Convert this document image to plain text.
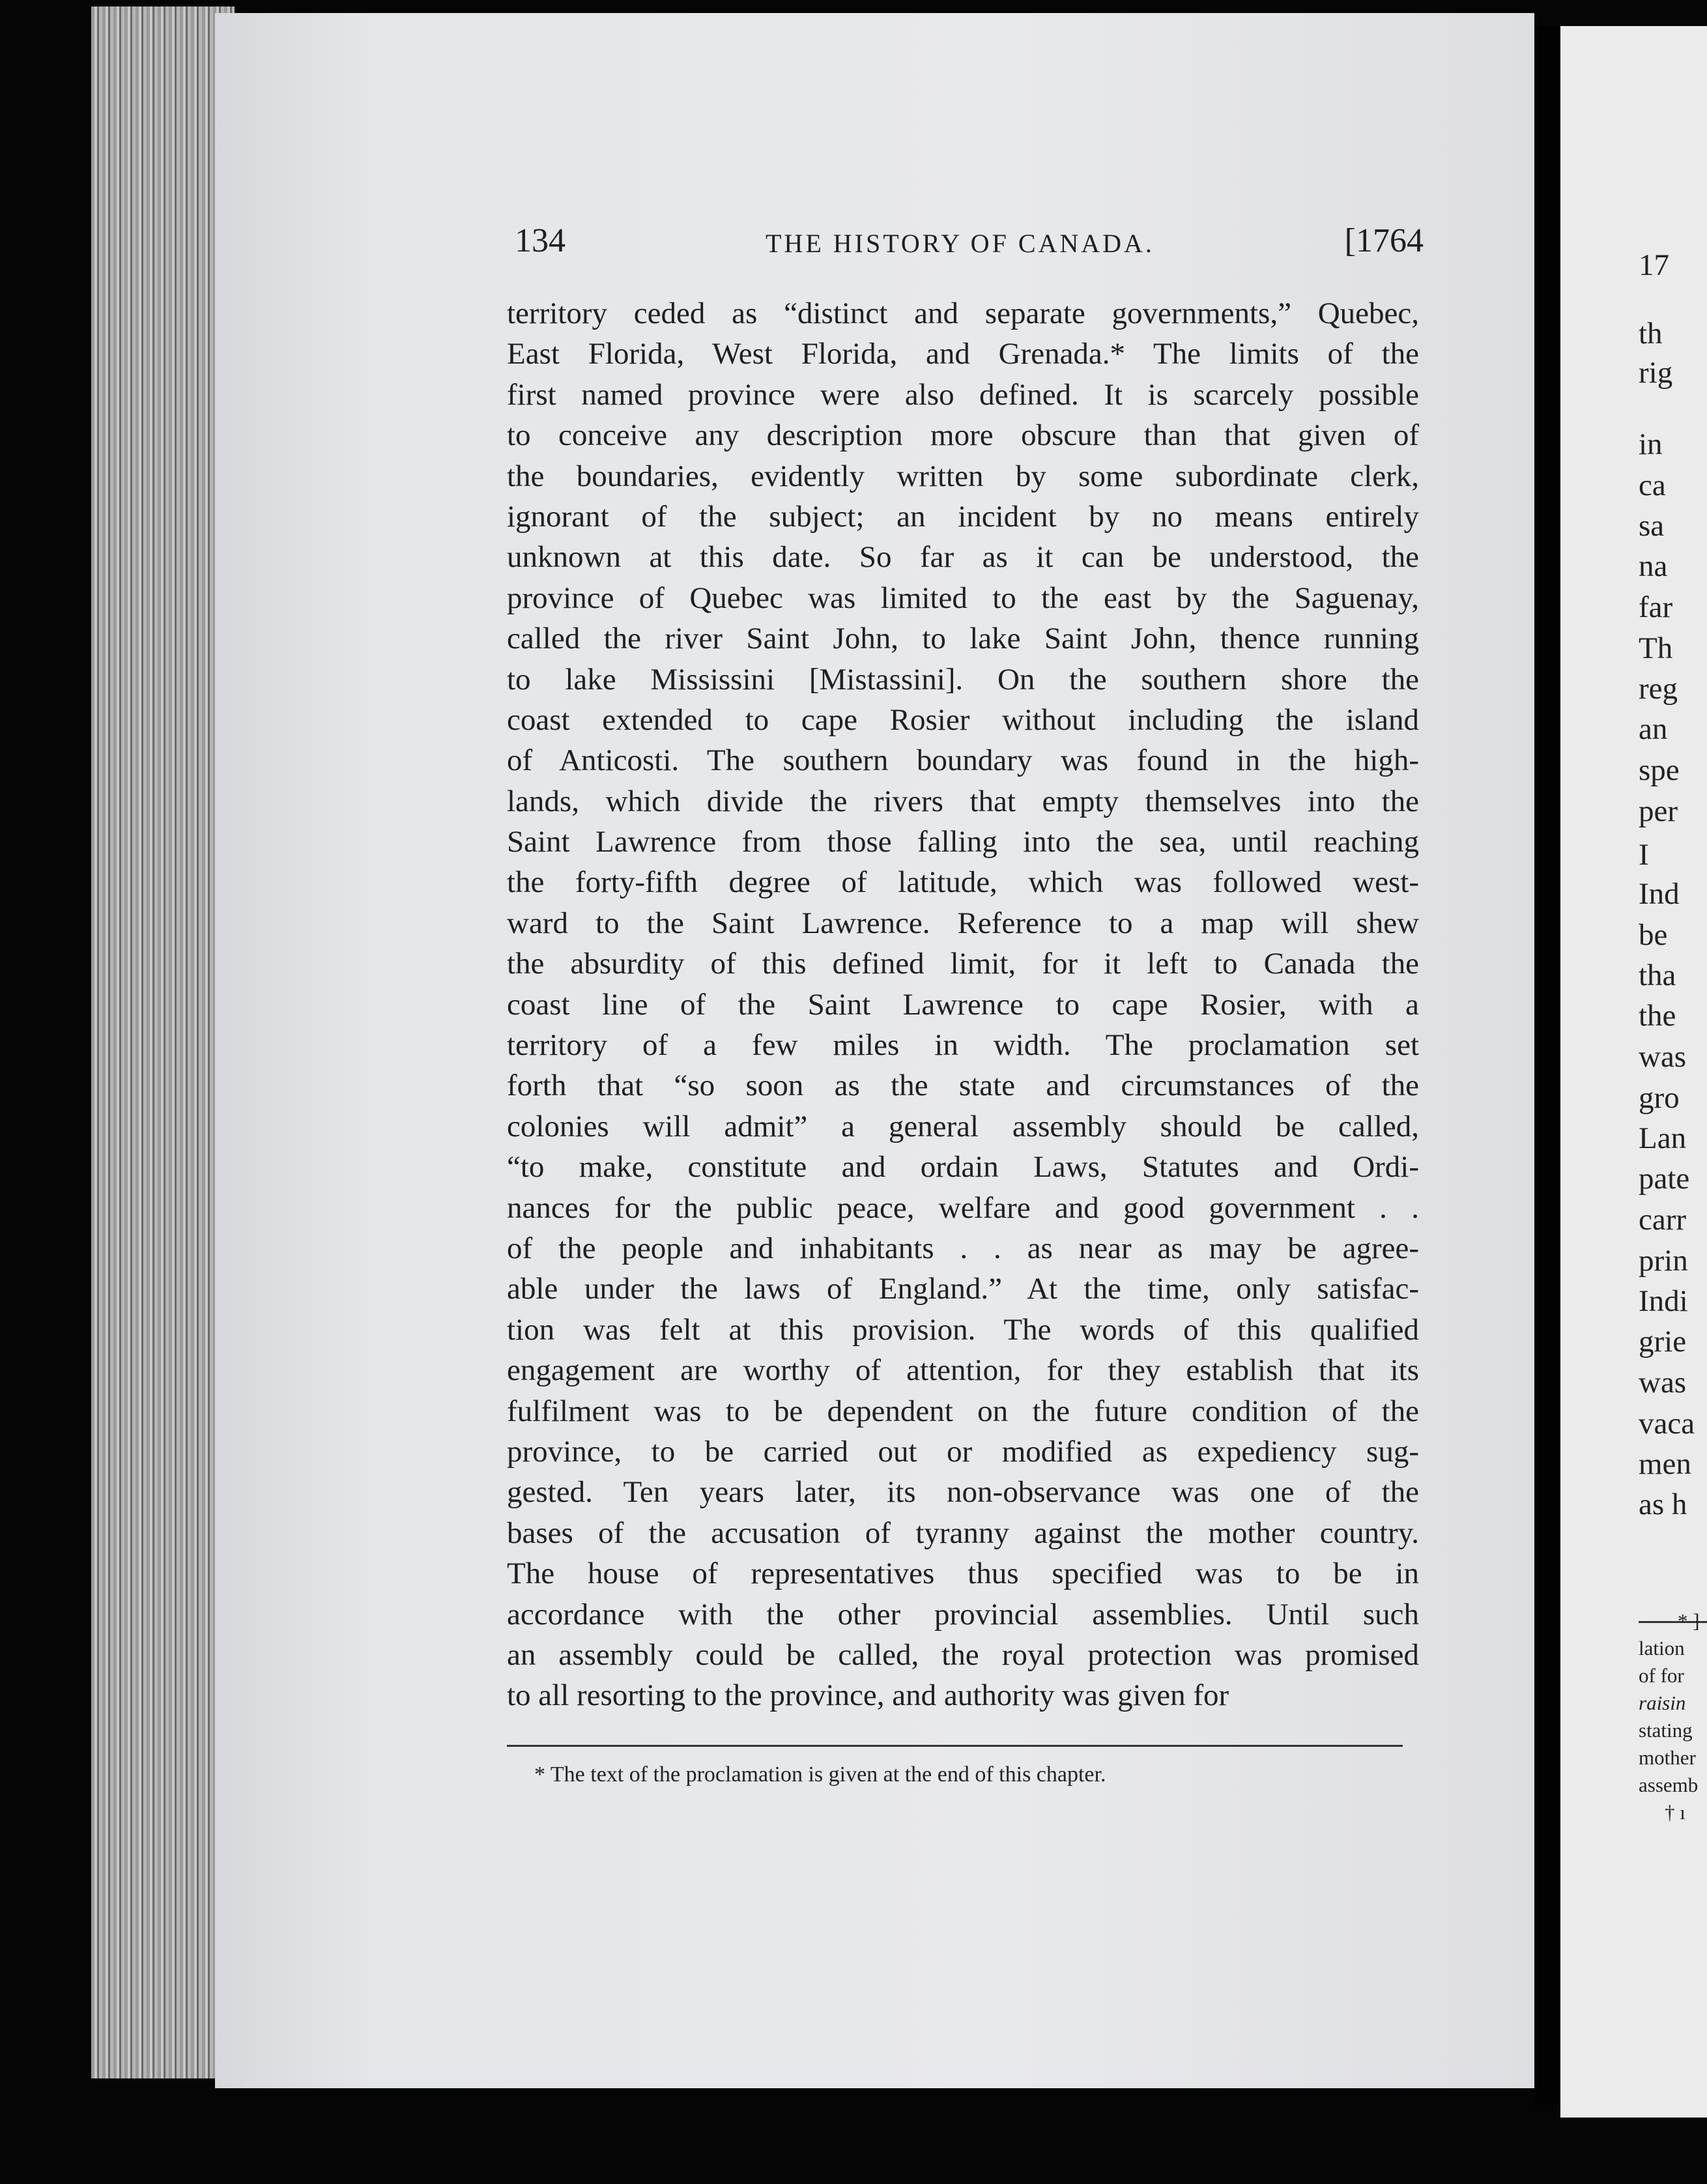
17
th
rig
in
ca
sa
na
far
Th
reg
an
spe
per
I
Ind
be
tha
the
was
gro
Lan
pate
carr
prin
Indi
grie
was
vaca
men
as h
* ]
lation
of for
raisin
stating
mother
assemb
† ı
134	THE HISTORY OF CANADA.	[1764
territory ceded as “distinct and separate governments,” Quebec,
East Florida, West Florida, and Grenada.* The limits of the
first named province were also defined. It is scarcely possible
to conceive any description more obscure than that given of
the boundaries, evidently written by some subordinate clerk,
ignorant of the subject; an incident by no means entirely
unknown at this date. So far as it can be understood, the
province of Quebec was limited to the east by the Saguenay,
called the river Saint John, to lake Saint John, thence running
to lake Mississini [Mistassini]. On the southern shore the
coast extended to cape Rosier without including the island
of Anticosti. The southern boundary was found in the high-
lands, which divide the rivers that empty themselves into the
Saint Lawrence from those falling into the sea, until reaching
the forty-fifth degree of latitude, which was followed west-
ward to the Saint Lawrence. Reference to a map will shew
the absurdity of this defined limit, for it left to Canada the
coast line of the Saint Lawrence to cape Rosier, with a
territory of a few miles in width. The proclamation set
forth that “so soon as the state and circumstances of the
colonies will admit” a general assembly should be called,
“to make, constitute and ordain Laws, Statutes and Ordi-
nances for the public peace, welfare and good government . .
of the people and inhabitants . . as near as may be agree-
able under the laws of England.” At the time, only satisfac-
tion was felt at this provision. The words of this qualified
engagement are worthy of attention, for they establish that its
fulfilment was to be dependent on the future condition of the
province, to be carried out or modified as expediency sug-
gested. Ten years later, its non-observance was one of the
bases of the accusation of tyranny against the mother country.
The house of representatives thus specified was to be in
accordance with the other provincial assemblies. Until such
an assembly could be called, the royal protection was promised
to all resorting to the province, and authority was given for
* The text of the proclamation is given at the end of this chapter.
